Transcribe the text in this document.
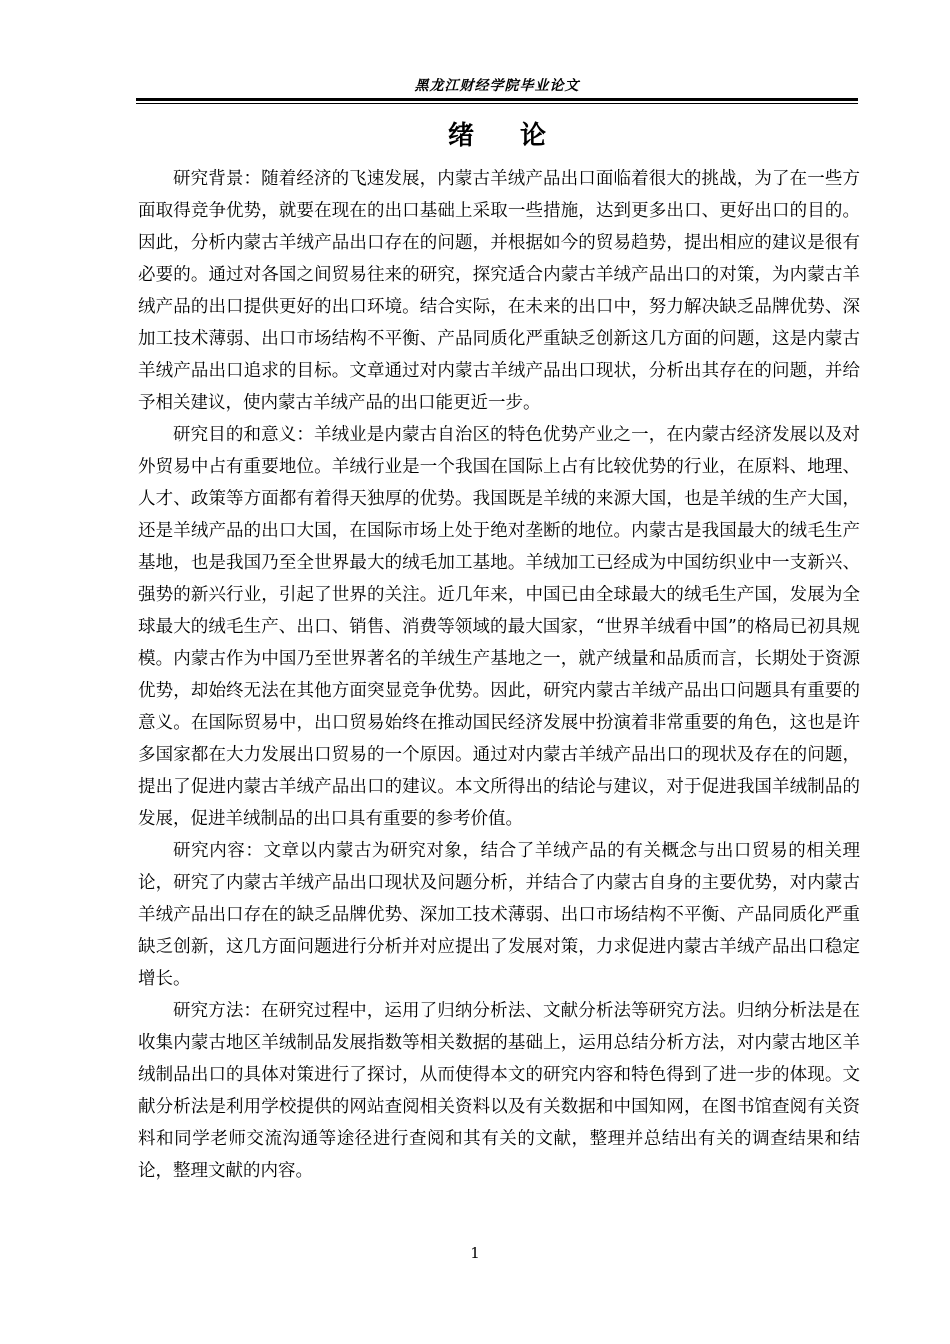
黑龙江财经学院毕业论文
绪论

研究背景：随着经济的飞速发展，内蒙古羊绒产品出口面临着很大的挑战，为了在一些方面取得竞争优势，就要在现在的出口基础上采取一些措施，达到更多出口、更好出口的目的。因此，分析内蒙古羊绒产品出口存在的问题，并根据如今的贸易趋势，提出相应的建议是很有必要的。通过对各国之间贸易往来的研究，探究适合内蒙古羊绒产品出口的对策，为内蒙古羊绒产品的出口提供更好的出口环境。结合实际，在未来的出口中，努力解决缺乏品牌优势、深加工技术薄弱、出口市场结构不平衡、产品同质化严重缺乏创新这几方面的问题，这是内蒙古羊绒产品出口追求的目标。文章通过对内蒙古羊绒产品出口现状，分析出其存在的问题，并给予相关建议，使内蒙古羊绒产品的出口能更近一步。

研究目的和意义：羊绒业是内蒙古自治区的特色优势产业之一，在内蒙古经济发展以及对外贸易中占有重要地位。羊绒行业是一个我国在国际上占有比较优势的行业，在原料、地理、人才、政策等方面都有着得天独厚的优势。我国既是羊绒的来源大国，也是羊绒的生产大国，还是羊绒产品的出口大国，在国际市场上处于绝对垄断的地位。内蒙古是我国最大的绒毛生产基地，也是我国乃至全世界最大的绒毛加工基地。羊绒加工已经成为中国纺织业中一支新兴、强势的新兴行业，引起了世界的关注。近几年来，中国已由全球最大的绒毛生产国，发展为全球最大的绒毛生产、出口、销售、消费等领域的最大国家，“世界羊绒看中国”的格局已初具规模。内蒙古作为中国乃至世界著名的羊绒生产基地之一，就产绒量和品质而言，长期处于资源优势，却始终无法在其他方面突显竞争优势。因此，研究内蒙古羊绒产品出口问题具有重要的意义。在国际贸易中，出口贸易始终在推动国民经济发展中扮演着非常重要的角色，这也是许多国家都在大力发展出口贸易的一个原因。通过对内蒙古羊绒产品出口的现状及存在的问题，提出了促进内蒙古羊绒产品出口的建议。本文所得出的结论与建议，对于促进我国羊绒制品的发展，促进羊绒制品的出口具有重要的参考价值。

研究内容：文章以内蒙古为研究对象，结合了羊绒产品的有关概念与出口贸易的相关理论，研究了内蒙古羊绒产品出口现状及问题分析，并结合了内蒙古自身的主要优势，对内蒙古羊绒产品出口存在的缺乏品牌优势、深加工技术薄弱、出口市场结构不平衡、产品同质化严重缺乏创新，这几方面问题进行分析并对应提出了发展对策，力求促进内蒙古羊绒产品出口稳定增长。

研究方法：在研究过程中，运用了归纳分析法、文献分析法等研究方法。归纳分析法是在收集内蒙古地区羊绒制品发展指数等相关数据的基础上，运用总结分析方法，对内蒙古地区羊绒制品出口的具体对策进行了探讨，从而使得本文的研究内容和特色得到了进一步的体现。文献分析法是利用学校提供的网站查阅相关资料以及有关数据和中国知网，在图书馆查阅有关资料和同学老师交流沟通等途径进行查阅和其有关的文献，整理并总结出有关的调查结果和结论，整理文献的内容。

1
